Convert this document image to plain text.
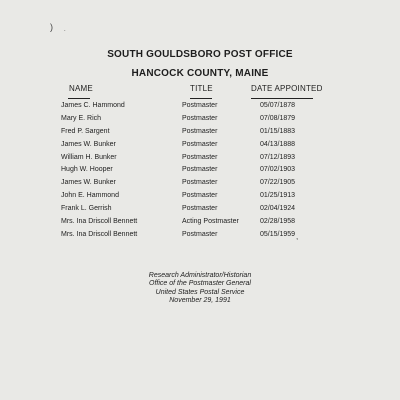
) .
SOUTH GOULDSBORO POST OFFICE
HANCOCK COUNTY, MAINE
NAME	TITLE	DATE APPOINTED
James C. Hammond	Postmaster	05/07/1878
Mary E. Rich	Postmaster	07/08/1879
Fred P. Sargent	Postmaster	01/15/1883
James W. Bunker	Postmaster	04/13/1888
William H. Bunker	Postmaster	07/12/1893
Hugh W. Hooper	Postmaster	07/02/1903
James W. Bunker	Postmaster	07/22/1905
John E. Hammond	Postmaster	01/25/1913
Frank L. Gerrish	Postmaster	02/04/1924
Mrs. Ina Driscoll Bennett	Acting Postmaster	02/28/1958
Mrs. Ina Driscoll Bennett	Postmaster	05/15/1959 ,
Research Administrator/Historian
Office of the Postmaster General
United States Postal Service
November 29, 1991
